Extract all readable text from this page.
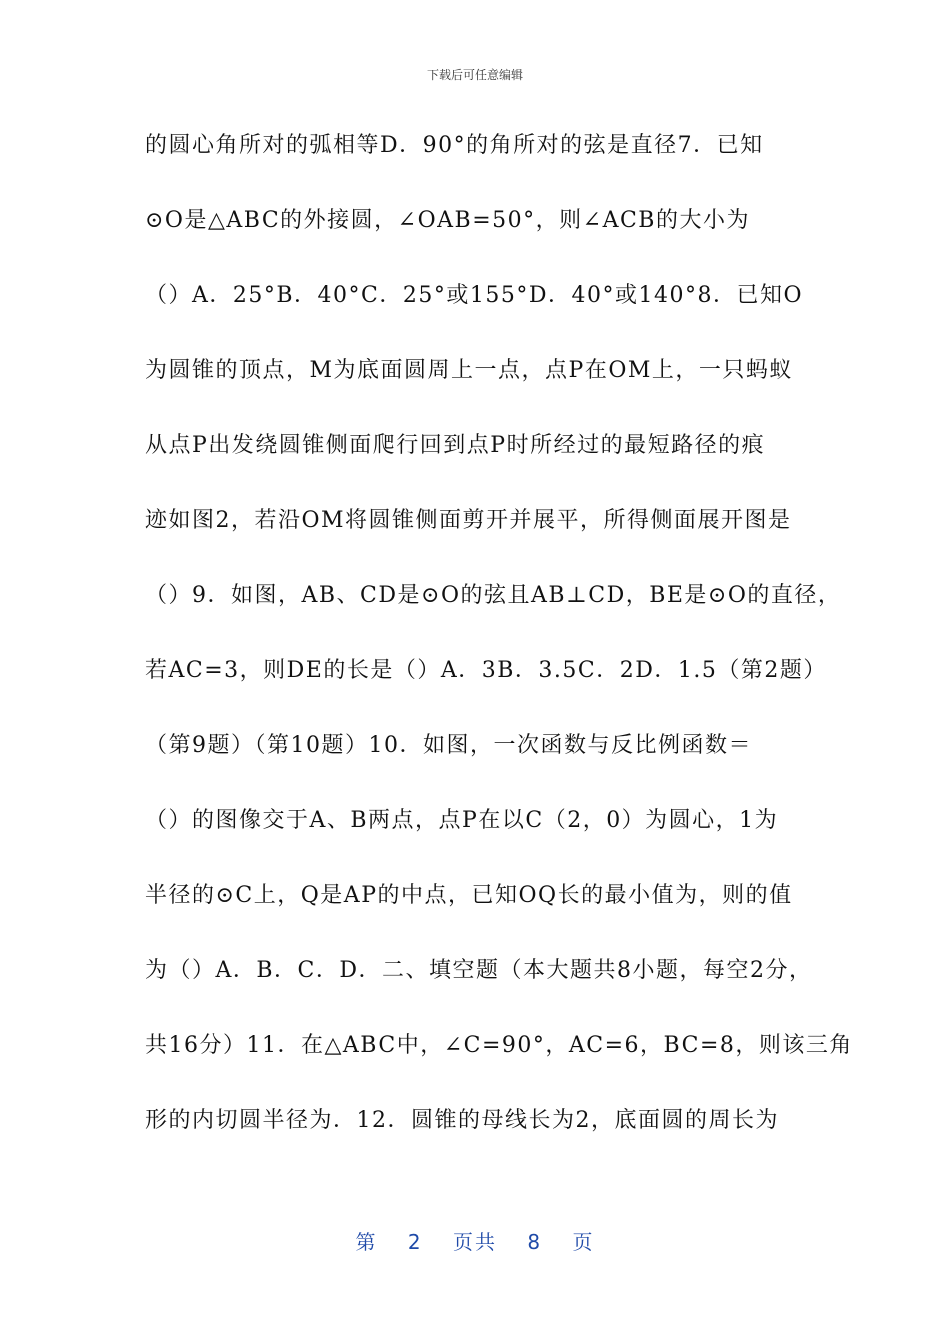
下载后可任意编辑
的圆心角所对的弧相等D．90°的角所对的弦是直径7．已知
⊙O是△ABC的外接圆，∠OAB=50°，则∠ACB的大小为
（）A．25°B．40°C．25°或155°D．40°或140°8．已知O
为圆锥的顶点，M为底面圆周上一点，点P在OM上，一只蚂蚁
从点P出发绕圆锥侧面爬行回到点P时所经过的最短路径的痕
迹如图2，若沿OM将圆锥侧面剪开并展平，所得侧面展开图是
（）9．如图，AB、CD是⊙O的弦且AB⊥CD，BE是⊙O的直径，
若AC=3，则DE的长是（）A．3B．3.5C．2D．1.5（第2题）
（第9题）（第10题）10．如图，一次函数与反比例函数＝
（）的图像交于A、B两点，点P在以C（2，0）为圆心，1为
半径的⊙C上，Q是AP的中点，已知OQ长的最小值为，则的值
为（）A．B．C．D．二、填空题（本大题共8小题，每空2分，
共16分）11．在△ABC中，∠C=90°，AC=6，BC=8，则该三角
形的内切圆半径为．12．圆锥的母线长为2，底面圆的周长为
第 2 页共 8 页
